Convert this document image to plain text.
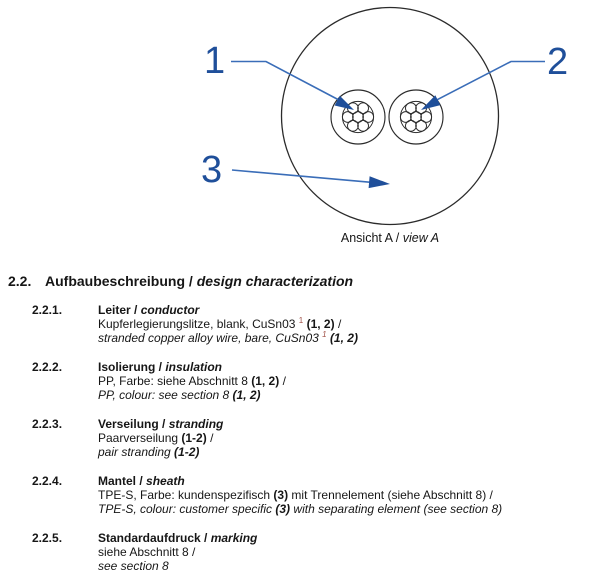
1	2
3
Ansicht A / view A
2.2. Aufbaubeschreibung / design characterization
2.2.1.	Leiter / conductor
Kupferlegierungslitze, blank, CuSn03 $^1$ (1, 2) /
stranded copper alloy wire, bare, CuSn03 $^1$ (1, 2)
2.2.2.	Isolierung / insulation
PP, Farbe: siehe Abschnitt 8 (1, 2) /
PP, colour: see section 8 (1, 2)
2.2.3.	Verseilung / stranding
Paarverseilung (1-2) /
pair stranding (1-2)
2.2.4.	Mantel / sheath
TPE-S, Farbe: kundenspezifisch (3) mit Trennelement (siehe Abschnitt 8) /
TPE-S, colour: customer specific (3) with separating element (see section 8)
2.2.5.	Standardaufdruck / marking
siehe Abschnitt 8 /
see section 8
